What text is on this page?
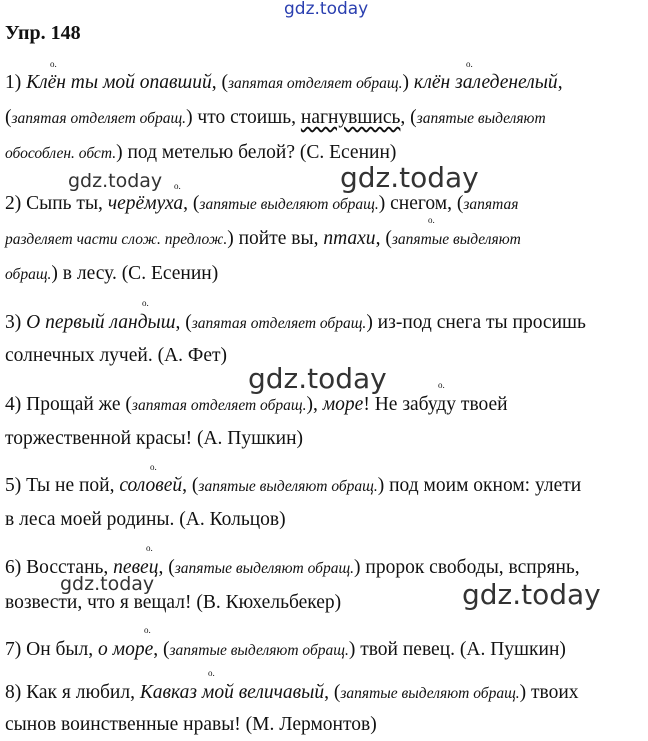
gdz.today
gdz.today	gdz.today
gdz.today
gdz.today	gdz.today
Упр. 148
1) Клён ты мой опавший, (запятая отделяет обращ.) клён заледенелый,
(запятая отделяет обращ.) что стоишь, нагнувшись, (запятые выделяют
обособлен. обст.) под метелью белой? (С. Есенин)
2) Сыпь ты, черёмуха, (запятые выделяют обращ.) снегом, (запятая
разделяет части слож. предлож.) пойте вы, птахи, (запятые выделяют
обращ.) в лесу. (С. Есенин)
3) О первый ландыш, (запятая отделяет обращ.) из-под снега ты просишь
солнечных лучей. (А. Фет)
4) Прощай же (запятая отделяет обращ.), море! Не забуду твоей
торжественной красы! (А. Пушкин)
5) Ты не пой, соловей, (запятые выделяют обращ.) под моим окном: улети
в леса моей родины. (А. Кольцов)
6) Восстань, певец, (запятые выделяют обращ.) пророк свободы, вспрянь,
возвести, что я вещал! (В. Кюхельбекер)
7) Он был, о море, (запятые выделяют обращ.) твой певец. (А. Пушкин)
8) Как я любил, Кавказ мой величавый, (запятые выделяют обращ.) твоих
сынов воинственные нравы! (М. Лермонтов)
о.	о.
о.
о.
о.
о.
о.
о.
о.
о.
